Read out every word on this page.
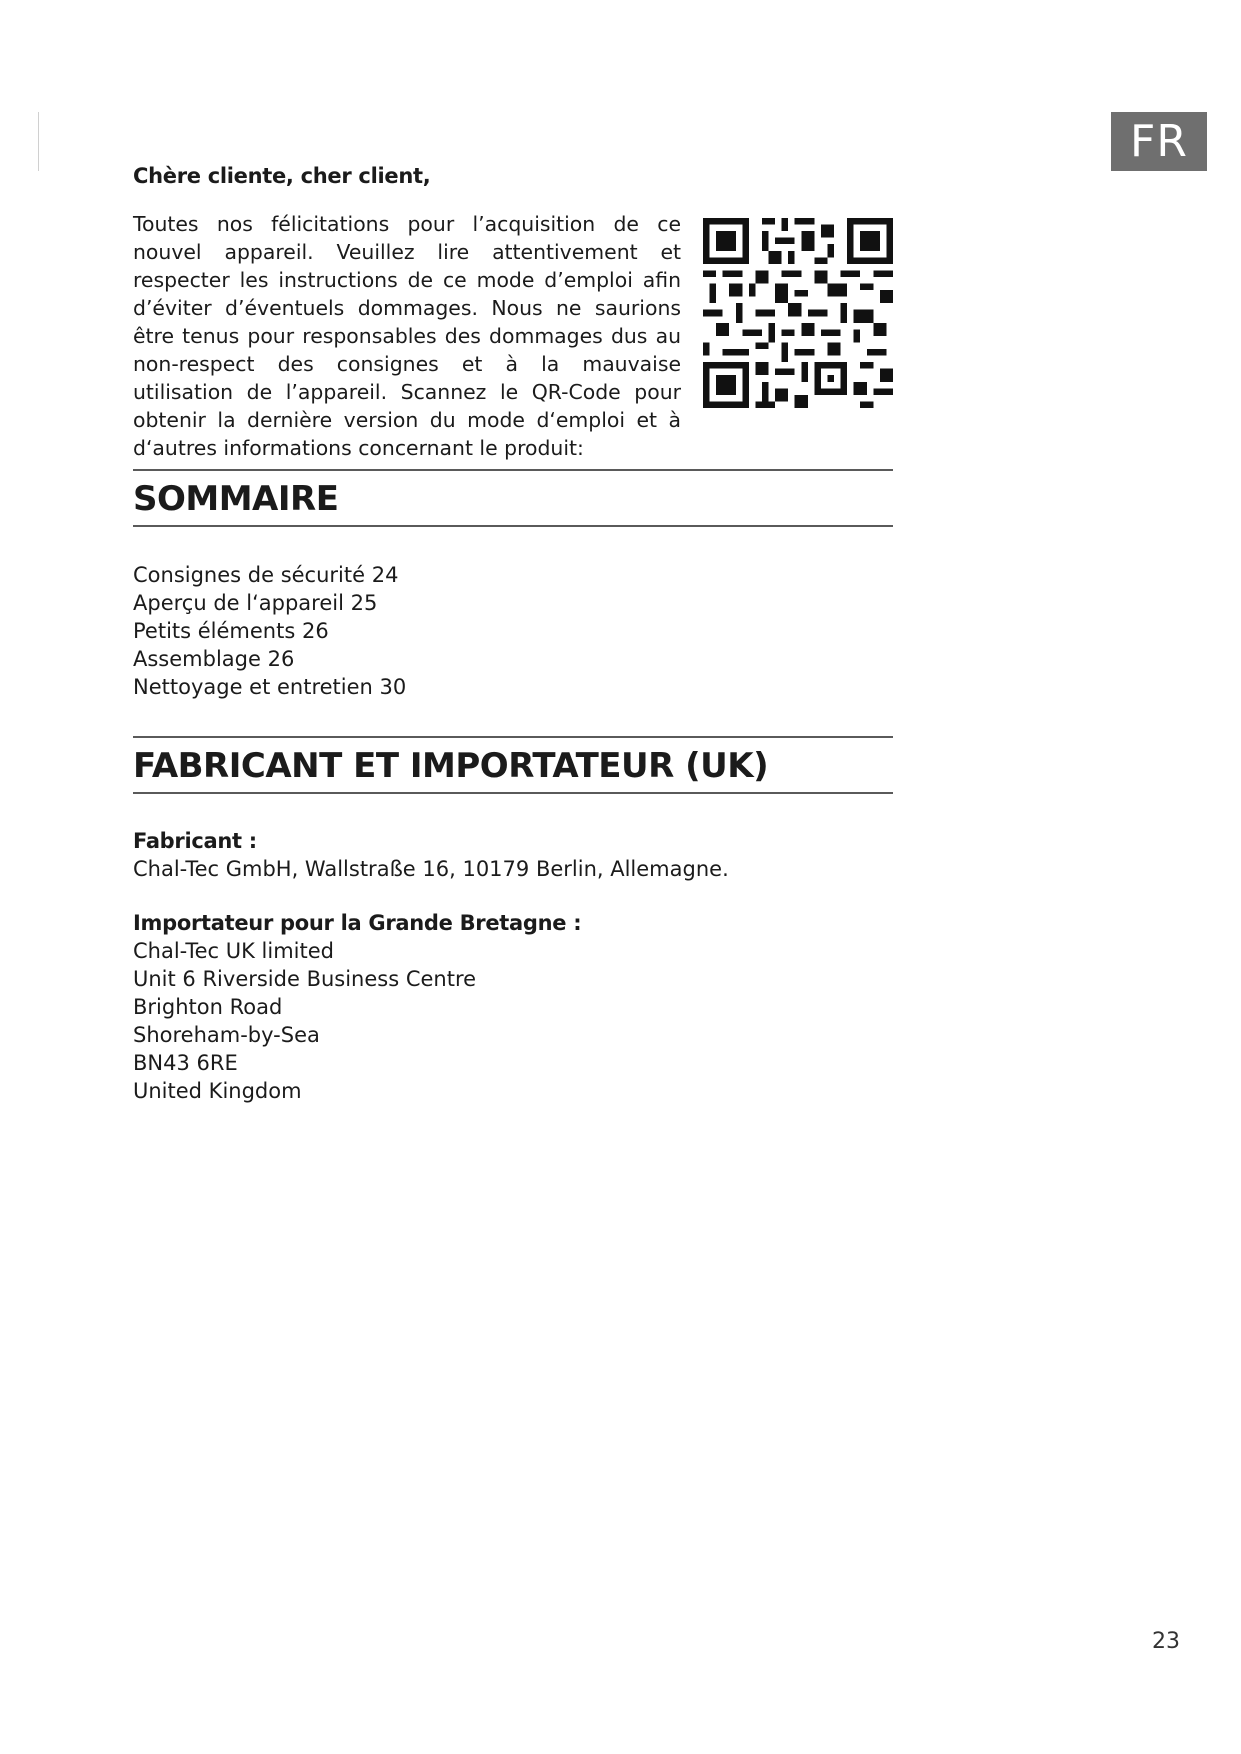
FR

Chère cliente, cher client,

Toutes nos félicitations pour l’acquisition de ce nouvel appareil. Veuillez lire attentivement et respecter les instructions de ce mode d’emploi afin d’éviter d’éventuels dommages. Nous ne saurions être tenus pour responsables des dommages dus au non-respect des consignes et à la mauvaise utilisation de l’appareil. Scannez le QR-Code pour obtenir la dernière version du mode d‘emploi et à d‘autres informations concernant le produit:

SOMMAIRE
Consignes de sécurité 24
Aperçu de l‘appareil 25
Petits éléments 26
Assemblage 26
Nettoyage et entretien 30
FABRICANT ET IMPORTATEUR (UK)
Fabricant :
Chal-Tec GmbH, Wallstraße 16, 10179 Berlin, Allemagne.
Importateur pour la Grande Bretagne :
Chal-Tec UK limited
Unit 6 Riverside Business Centre
Brighton Road
Shoreham-by-Sea
BN43 6RE
United Kingdom
23
